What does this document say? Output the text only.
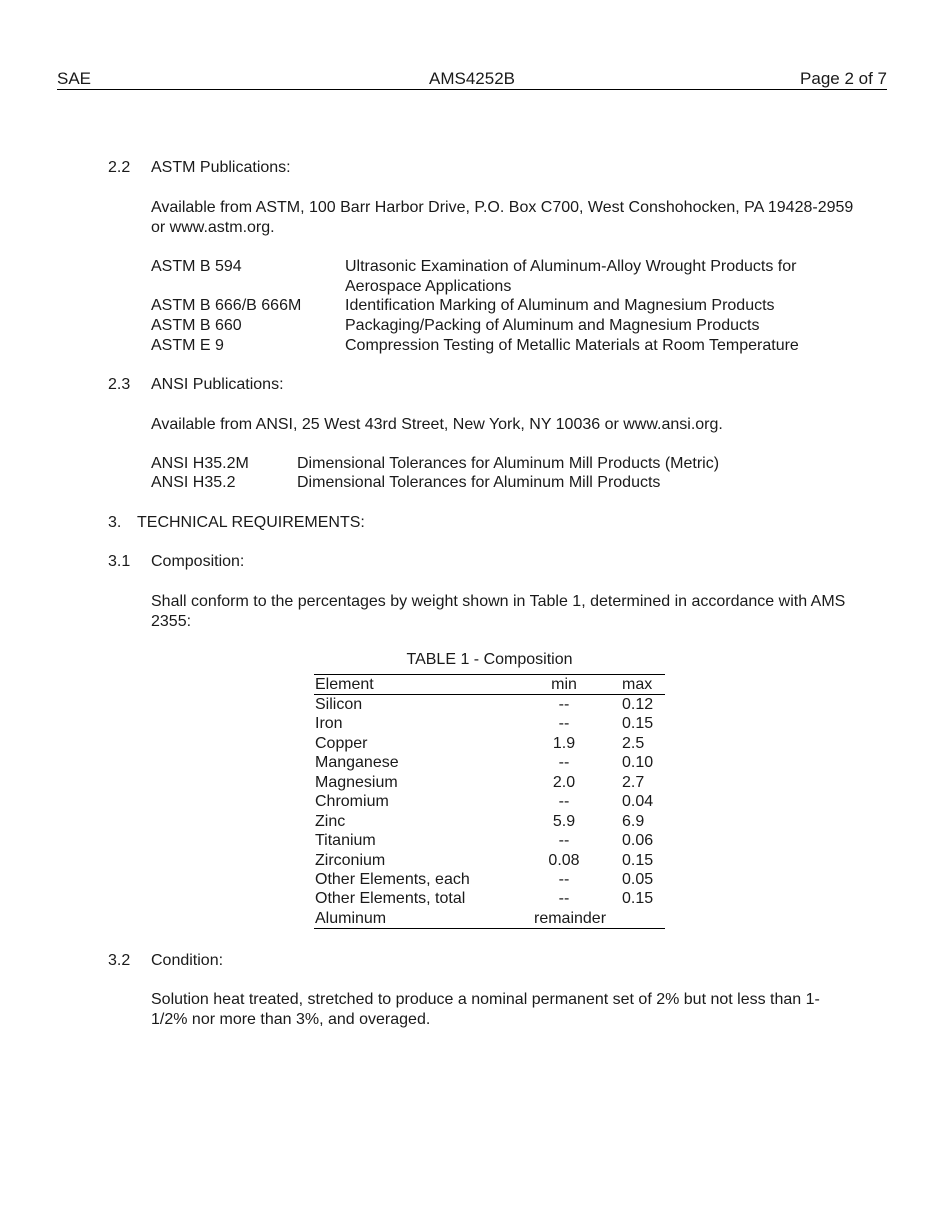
SAE	AMS4252B	Page 2 of 7
2.2 ASTM Publications:
Available from ASTM, 100 Barr Harbor Drive, P.O. Box C700, West Conshohocken, PA 19428-2959 or www.astm.org.
ASTM B 594	Ultrasonic Examination of Aluminum-Alloy Wrought Products for Aerospace Applications
ASTM B 666/B 666M	Identification Marking of Aluminum and Magnesium Products
ASTM B 660	Packaging/Packing of Aluminum and Magnesium Products
ASTM E 9	Compression Testing of Metallic Materials at Room Temperature
2.3 ANSI Publications:
Available from ANSI, 25 West 43rd Street, New York, NY 10036 or www.ansi.org.
ANSI H35.2M	Dimensional Tolerances for Aluminum Mill Products (Metric)
ANSI H35.2	Dimensional Tolerances for Aluminum Mill Products
3. TECHNICAL REQUIREMENTS:
3.1 Composition:
Shall conform to the percentages by weight shown in Table 1, determined in accordance with AMS 2355:
TABLE 1 - Composition
Element	min	max
Silicon	--	0.12
Iron	--	0.15
Copper	1.9	2.5
Manganese	--	0.10
Magnesium	2.0	2.7
Chromium	--	0.04
Zinc	5.9	6.9
Titanium	--	0.06
Zirconium	0.08	0.15
Other Elements, each	--	0.05
Other Elements, total	--	0.15
Aluminum	remainder
3.2 Condition:
Solution heat treated, stretched to produce a nominal permanent set of 2% but not less than 1-1/2% nor more than 3%, and overaged.
